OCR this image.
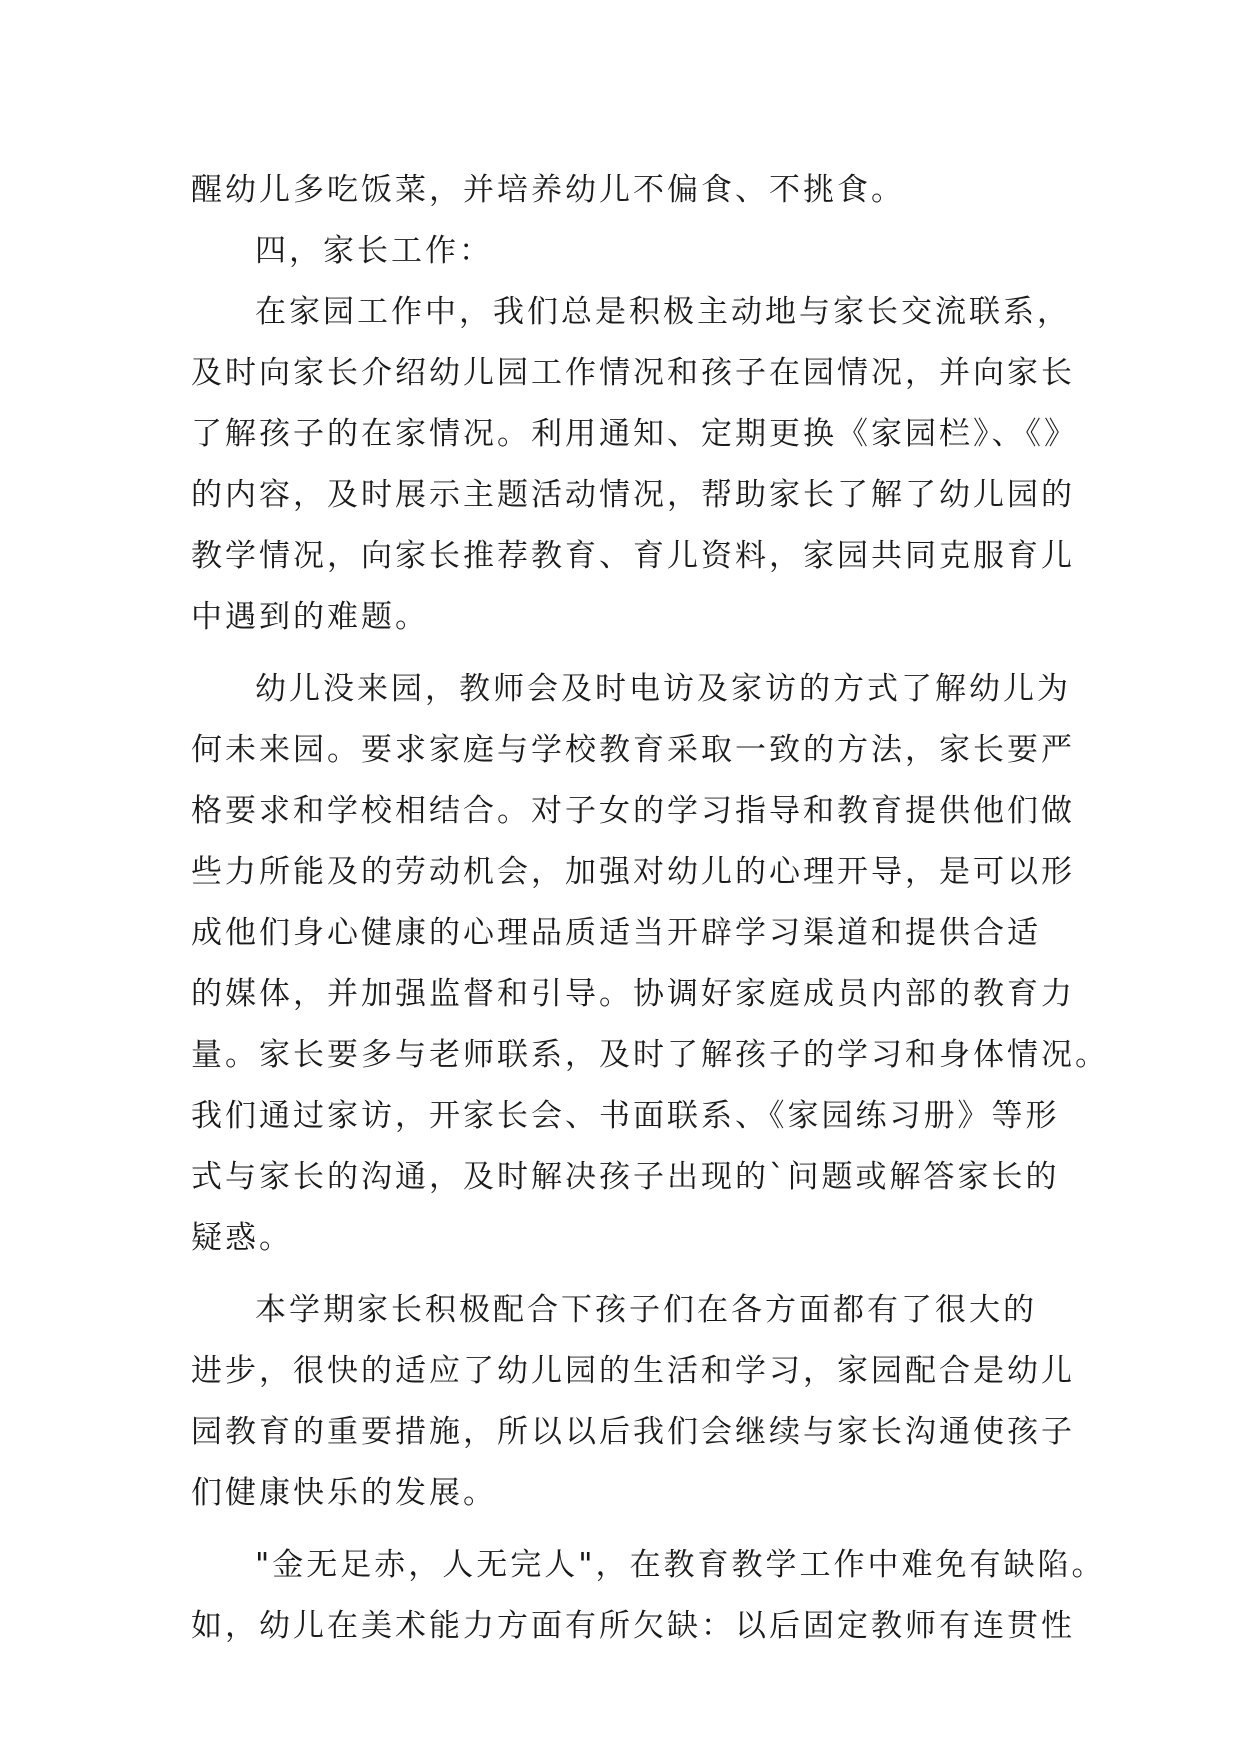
醒幼儿多吃饭菜，并培养幼儿不偏食、不挑食。
四，家长工作：
在家园工作中，我们总是积极主动地与家长交流联系，
及时向家长介绍幼儿园工作情况和孩子在园情况，并向家长
了解孩子的在家情况。利用通知、定期更换《家园栏》、《》
的内容，及时展示主题活动情况，帮助家长了解了幼儿园的
教学情况，向家长推荐教育、育儿资料，家园共同克服育儿
中遇到的难题。
幼儿没来园，教师会及时电访及家访的方式了解幼儿为
何未来园。要求家庭与学校教育采取一致的方法，家长要严
格要求和学校相结合。对子女的学习指导和教育提供他们做
些力所能及的劳动机会，加强对幼儿的心理开导，是可以形
成他们身心健康的心理品质适当开辟学习渠道和提供合适
的媒体，并加强监督和引导。协调好家庭成员内部的教育力
量。家长要多与老师联系，及时了解孩子的学习和身体情况。
我们通过家访，开家长会、书面联系、《家园练习册》等形
式与家长的沟通，及时解决孩子出现的`问题或解答家长的
疑惑。
本学期家长积极配合下孩子们在各方面都有了很大的
进步，很快的适应了幼儿园的生活和学习，家园配合是幼儿
园教育的重要措施，所以以后我们会继续与家长沟通使孩子
们健康快乐的发展。
"金无足赤，人无完人"，在教育教学工作中难免有缺陷。
如，幼儿在美术能力方面有所欠缺：以后固定教师有连贯性
